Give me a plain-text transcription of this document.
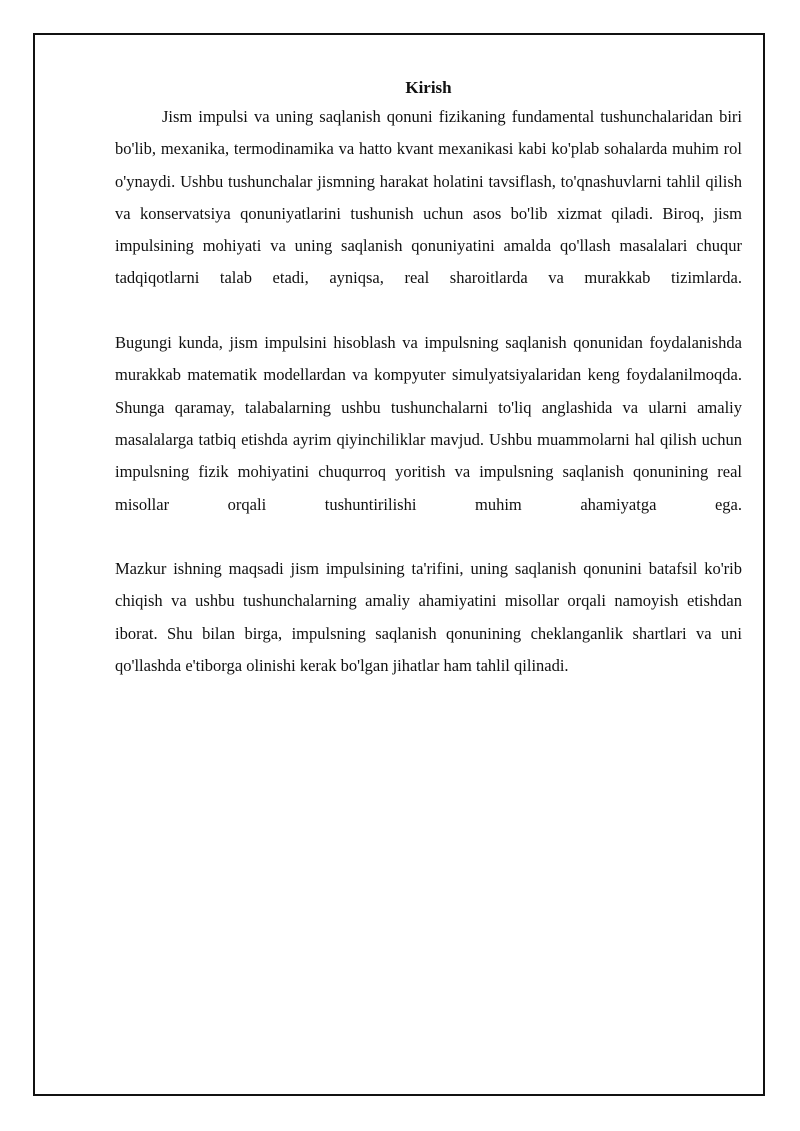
Kirish

Jism impulsi va uning saqlanish qonuni fizikaning fundamental tushunchalaridan biri bo'lib, mexanika, termodinamika va hatto kvant mexanikasi kabi ko'plab sohalarda muhim rol o'ynaydi. Ushbu tushunchalar jismning harakat holatini tavsiflash, to'qnashuvlarni tahlil qilish va konservatsiya qonuniyatlarini tushunish uchun asos bo'lib xizmat qiladi. Biroq, jism impulsining mohiyati va uning saqlanish qonuniyatini amalda qo'llash masalalari chuqur tadqiqotlarni talab etadi, ayniqsa, real sharoitlarda va murakkab tizimlarda.

Bugungi kunda, jism impulsini hisoblash va impulsning saqlanish qonunidan foydalanishda murakkab matematik modellardan va kompyuter simulyatsiyalaridan keng foydalanilmoqda. Shunga qaramay, talabalarning ushbu tushunchalarni to'liq anglashida va ularni amaliy masalalarga tatbiq etishda ayrim qiyinchiliklar mavjud. Ushbu muammolarni hal qilish uchun impulsning fizik mohiyatini chuqurroq yoritish va impulsning saqlanish qonunining real misollar orqali tushuntirilishi muhim ahamiyatga ega.

Mazkur ishning maqsadi jism impulsining ta'rifini, uning saqlanish qonunini batafsil ko'rib chiqish va ushbu tushunchalarning amaliy ahamiyatini misollar orqali namoyish etishdan iborat. Shu bilan birga, impulsning saqlanish qonunining cheklanganlik shartlari va uni qo'llashda e'tiborga olinishi kerak bo'lgan jihatlar ham tahlil qilinadi.
